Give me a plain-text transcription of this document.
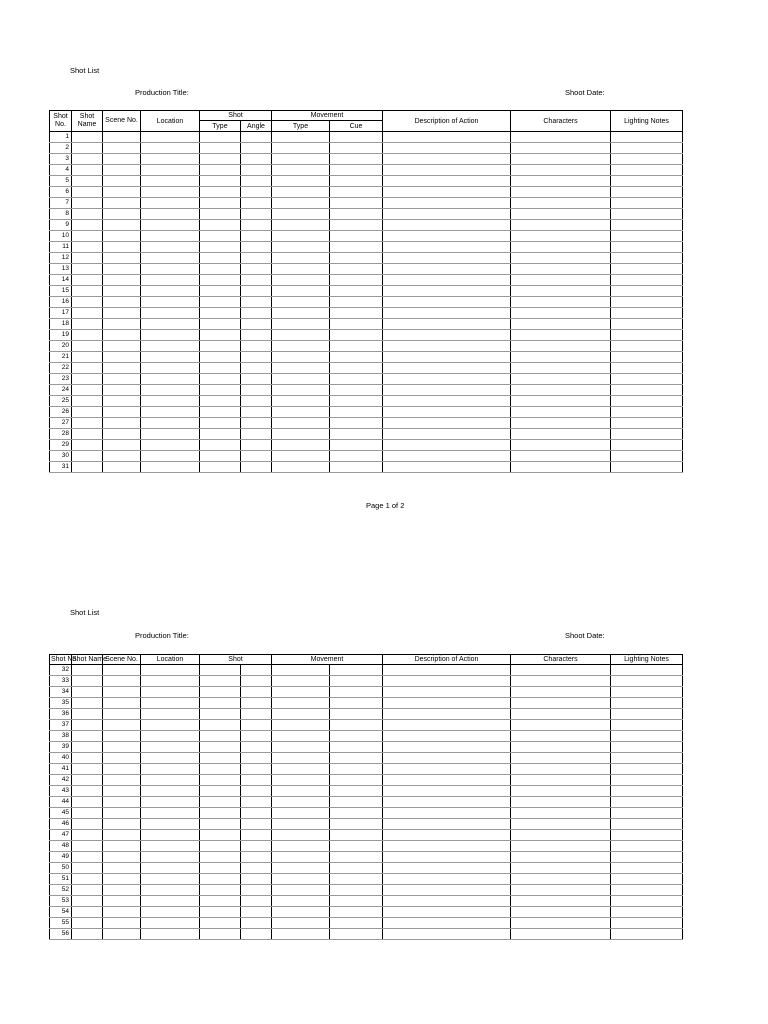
Shot List
Production Title:	Shoot Date:
Shot No.	Shot Name	Scene No.	Location	Shot		Movement		Description of Action	Characters	Lighting Notes
				Type	Angle	Type	Cue			
1										
2										
3										
4										
5										
6										
7										
8										
9										
10										
11										
12										
13										
14										
15										
16										
17										
18										
19										
20										
21										
22										
23										
24										
25										
26										
27										
28										
29										
30										
31										
Page 1 of 2
Shot List
Production Title:	Shoot Date:
Shot No.	Shot Name	Scene No.	Location	Shot		Movement		Description of Action	Characters	Lighting Notes
32										
33										
34										
35										
36										
37										
38										
39										
40										
41										
42										
43										
44										
45										
46										
47										
48										
49										
50										
51										
52										
53										
54										
55										
56										
